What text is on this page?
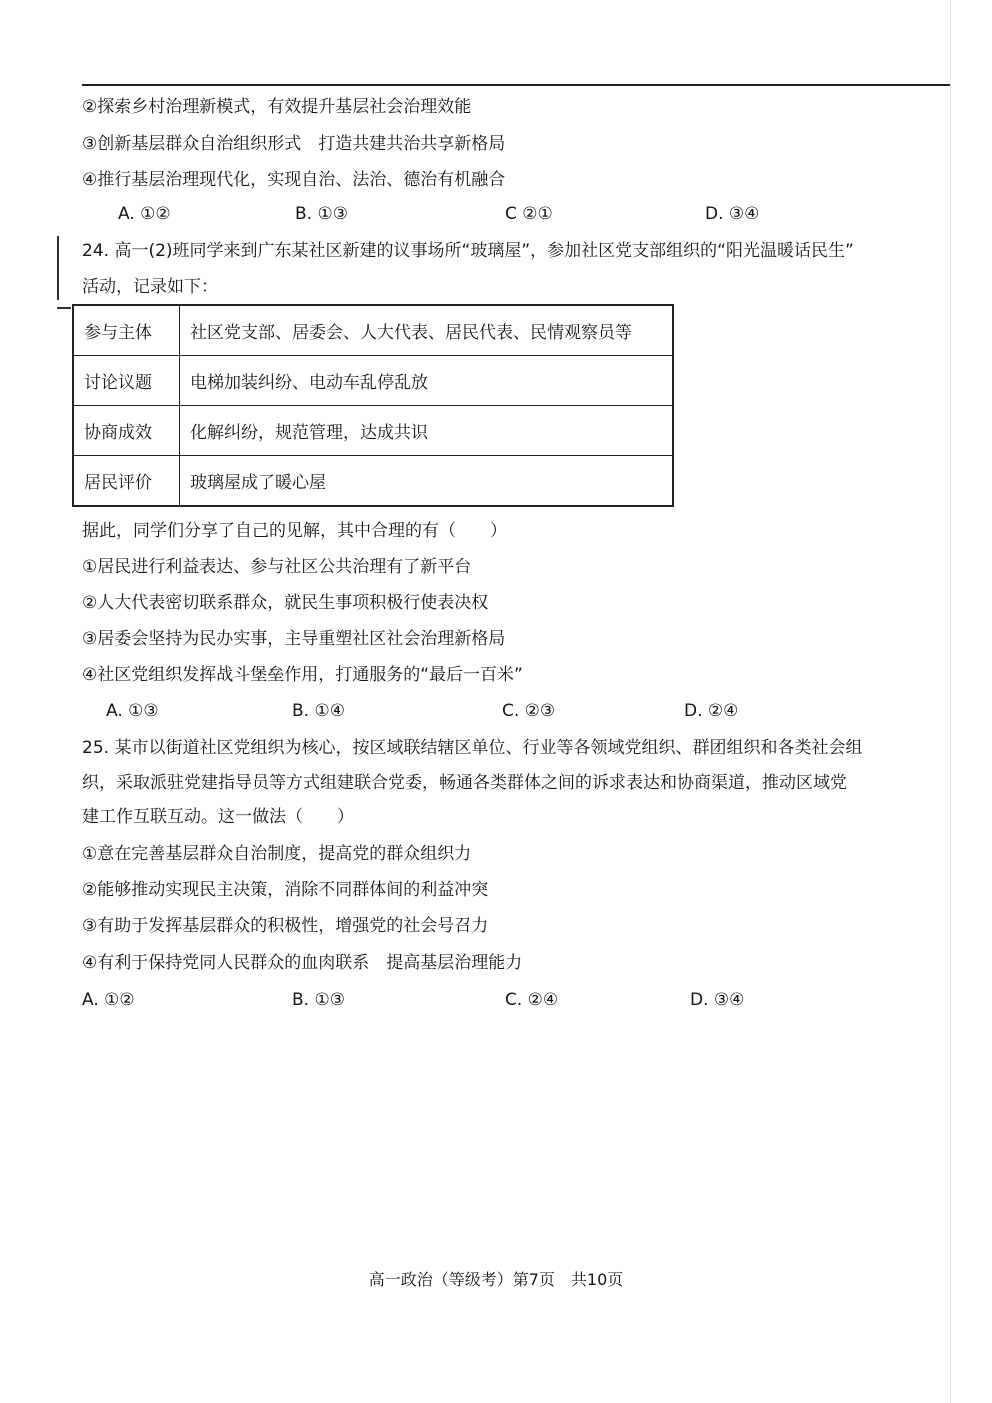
②探索乡村治理新模式，有效提升基层社会治理效能
③创新基层群众自治组织形式　打造共建共治共享新格局
④推行基层治理现代化，实现自治、法治、德治有机融合
A. ①②	B. ①③	C ②①	D. ③④
24. 高一(2)班同学来到广东某社区新建的议事场所“玻璃屋”，参加社区党支部组织的“阳光温暖话民生”
活动，记录如下：
参与主体	社区党支部、居委会、人大代表、居民代表、民情观察员等
讨论议题	电梯加装纠纷、电动车乱停乱放
协商成效	化解纠纷，规范管理，达成共识
居民评价	玻璃屋成了暖心屋
据此，同学们分享了自己的见解，其中合理的有（　　）
①居民进行利益表达、参与社区公共治理有了新平台
②人大代表密切联系群众，就民生事项积极行使表决权
③居委会坚持为民办实事，主导重塑社区社会治理新格局
④社区党组织发挥战斗堡垒作用，打通服务的“最后一百米”
A. ①③	B. ①④	C. ②③	D. ②④
25. 某市以街道社区党组织为核心，按区域联结辖区单位、行业等各领域党组织、群团组织和各类社会组
织，采取派驻党建指导员等方式组建联合党委，畅通各类群体之间的诉求表达和协商渠道，推动区域党
建工作互联互动。这一做法（　　）
①意在完善基层群众自治制度，提高党的群众组织力
②能够推动实现民主决策，消除不同群体间的利益冲突
③有助于发挥基层群众的积极性，增强党的社会号召力
④有利于保持党同人民群众的血肉联系　提高基层治理能力
A. ①②	B. ①③	C. ②④	D. ③④
高一政治（等级考）第7页　共10页
